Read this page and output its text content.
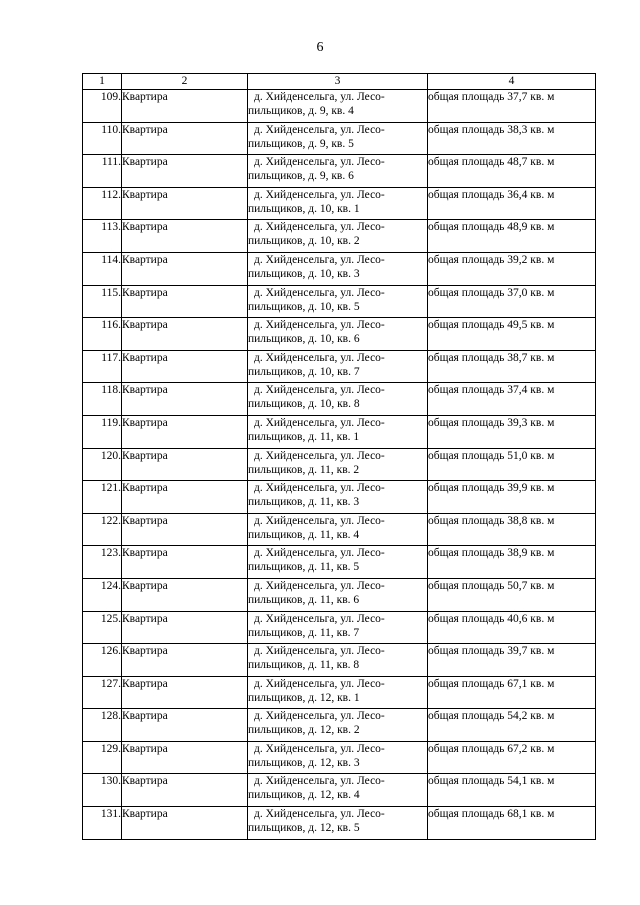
6
1	2	3	4
109.	Квартира	д. Хийденсельга, ул. Лесо-
пильщиков, д. 9, кв. 4	общая площадь 37,7 кв. м
110.	Квартира	д. Хийденсельга, ул. Лесо-
пильщиков, д. 9, кв. 5	общая площадь 38,3 кв. м
111.	Квартира	д. Хийденсельга, ул. Лесо-
пильщиков, д. 9, кв. 6	общая площадь 48,7 кв. м
112.	Квартира	д. Хийденсельга, ул. Лесо-
пильщиков, д. 10, кв. 1	общая площадь 36,4 кв. м
113.	Квартира	д. Хийденсельга, ул. Лесо-
пильщиков, д. 10, кв. 2	общая площадь 48,9 кв. м
114.	Квартира	д. Хийденсельга, ул. Лесо-
пильщиков, д. 10, кв. 3	общая площадь 39,2 кв. м
115.	Квартира	д. Хийденсельга, ул. Лесо-
пильщиков, д. 10, кв. 5	общая площадь 37,0 кв. м
116.	Квартира	д. Хийденсельга, ул. Лесо-
пильщиков, д. 10, кв. 6	общая площадь 49,5 кв. м
117.	Квартира	д. Хийденсельга, ул. Лесо-
пильщиков, д. 10, кв. 7	общая площадь 38,7 кв. м
118.	Квартира	д. Хийденсельга, ул. Лесо-
пильщиков, д. 10, кв. 8	общая площадь 37,4 кв. м
119.	Квартира	д. Хийденсельга, ул. Лесо-
пильщиков, д. 11, кв. 1	общая площадь 39,3 кв. м
120.	Квартира	д. Хийденсельга, ул. Лесо-
пильщиков, д. 11, кв. 2	общая площадь 51,0 кв. м
121.	Квартира	д. Хийденсельга, ул. Лесо-
пильщиков, д. 11, кв. 3	общая площадь 39,9 кв. м
122.	Квартира	д. Хийденсельга, ул. Лесо-
пильщиков, д. 11, кв. 4	общая площадь 38,8 кв. м
123.	Квартира	д. Хийденсельга, ул. Лесо-
пильщиков, д. 11, кв. 5	общая площадь 38,9 кв. м
124.	Квартира	д. Хийденсельга, ул. Лесо-
пильщиков, д. 11, кв. 6	общая площадь 50,7 кв. м
125.	Квартира	д. Хийденсельга, ул. Лесо-
пильщиков, д. 11, кв. 7	общая площадь 40,6 кв. м
126.	Квартира	д. Хийденсельга, ул. Лесо-
пильщиков, д. 11, кв. 8	общая площадь 39,7 кв. м
127.	Квартира	д. Хийденсельга, ул. Лесо-
пильщиков, д. 12, кв. 1	общая площадь 67,1 кв. м
128.	Квартира	д. Хийденсельга, ул. Лесо-
пильщиков, д. 12, кв. 2	общая площадь 54,2 кв. м
129.	Квартира	д. Хийденсельга, ул. Лесо-
пильщиков, д. 12, кв. 3	общая площадь 67,2 кв. м
130.	Квартира	д. Хийденсельга, ул. Лесо-
пильщиков, д. 12, кв. 4	общая площадь 54,1 кв. м
131.	Квартира	д. Хийденсельга, ул. Лесо-
пильщиков, д. 12, кв. 5	общая площадь 68,1 кв. м
